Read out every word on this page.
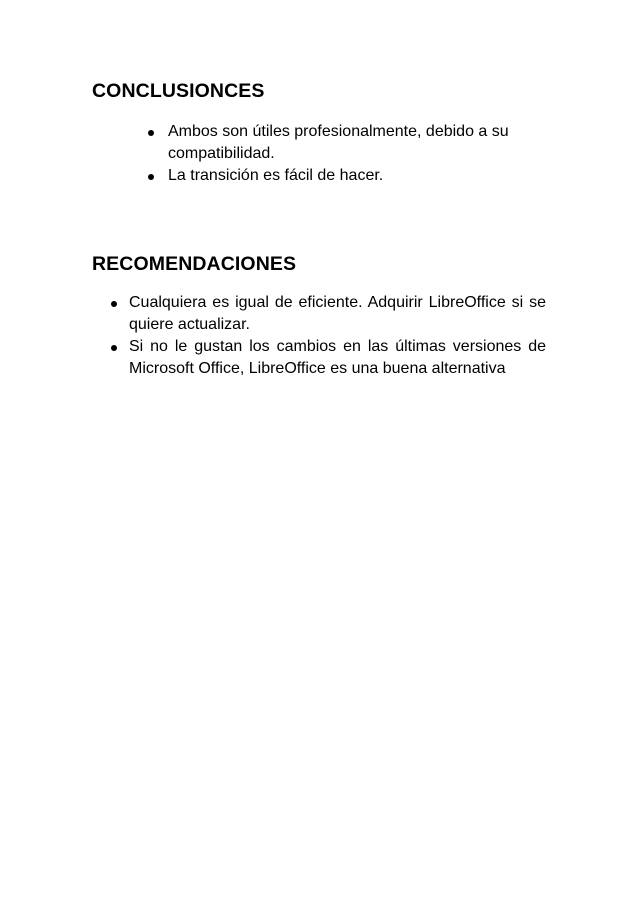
CONCLUSIONCES
Ambos son útiles profesionalmente, debido a su compatibilidad.
La transición es fácil de hacer.
RECOMENDACIONES
Cualquiera es igual de eficiente. Adquirir LibreOffice si se quiere actualizar.
Si no le gustan los cambios en las últimas versiones de Microsoft Office, LibreOffice es una buena alternativa
